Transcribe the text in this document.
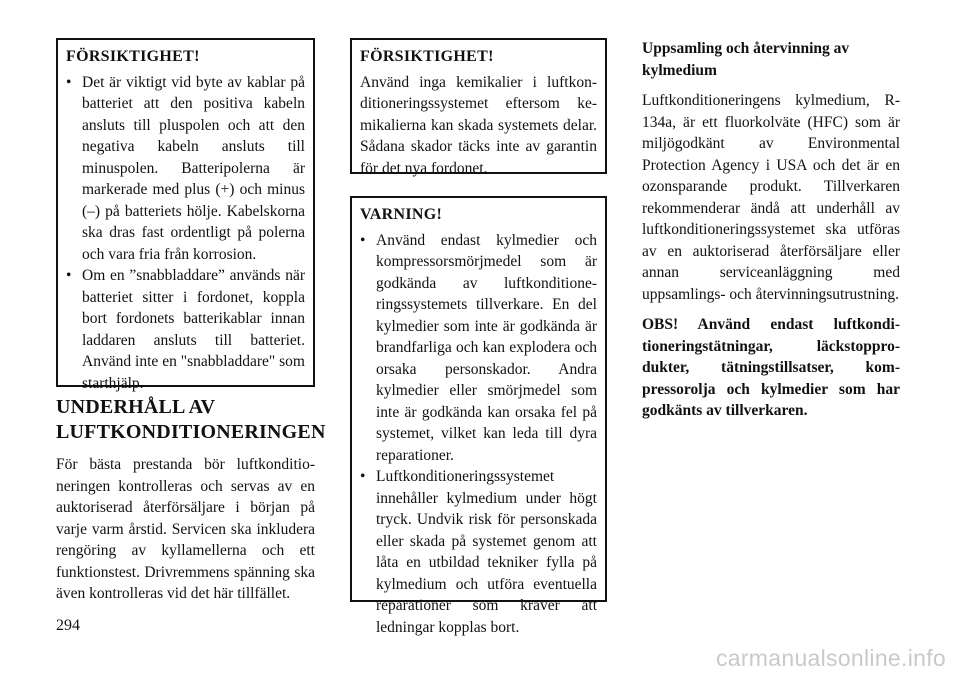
FÖRSIKTIGHET!
• Det är viktigt vid byte av kablar på batteriet att den positiva kabeln ansluts till pluspolen och att den negativa kabeln ansluts till minuspolen. Batteripolerna är markerade med plus (+) och minus (–) på batteriets hölje. Kabelskorna ska dras fast ordentligt på polerna och vara fria från korrosion.
• Om en ”snabbladdare” används när batteriet sitter i fordonet, koppla bort fordonets batterikablar innan laddaren ansluts till batteriet. Använd inte en "snabbladdare" som starthjälp.
UNDERHÅLL AV LUFTKONDITIONERINGEN

För bästa prestanda bör luftkonditioneringen kontrolleras och servas av en auktoriserad återförsäljare i början på varje varm årstid. Servicen ska inkludera rengöring av kyllamellerna och ett funktionstest. Drivremmens spänning ska även kontrolleras vid det här tillfället.

FÖRSIKTIGHET!

Använd inga kemikalier i luftkonditioneringssystemet eftersom kemikalierna kan skada systemets delar. Sådana skador täcks inte av garantin för det nya fordonet.

VARNING!
• Använd endast kylmedier och kompressorsmörjmedel som är godkända av luftkonditioneringssystemets tillverkare. En del kylmedier som inte är godkända är brandfarliga och kan explodera och orsaka personskador. Andra kylmedier eller smörjmedel som inte är godkända kan orsaka fel på systemet, vilket kan leda till dyra reparationer.
• Luftkonditioneringssystemet innehåller kylmedium under högt tryck. Undvik risk för personskada eller skada på systemet genom att låta en utbildad tekniker fylla på kylmedium och utföra eventuella reparationer som kräver att ledningar kopplas bort.
Uppsamling och återvinning av kylmedium

Luftkonditioneringens kylmedium, R-134a, är ett fluorkolväte (HFC) som är miljögodkänt av Environmental Protection Agency i USA och det är en ozonsparande produkt. Tillverkaren rekommenderar ändå att underhåll av luftkonditioneringssystemet ska utföras av en auktoriserad återförsäljare eller annan serviceanläggning med uppsamlings- och återvinningsutrustning.

OBS! Använd endast luftkonditioneringstätningar, läckstopprodukter, tätningstillsatser, kompressorolja och kylmedier som har godkänts av tillverkaren.

294
carmanualsonline.info
